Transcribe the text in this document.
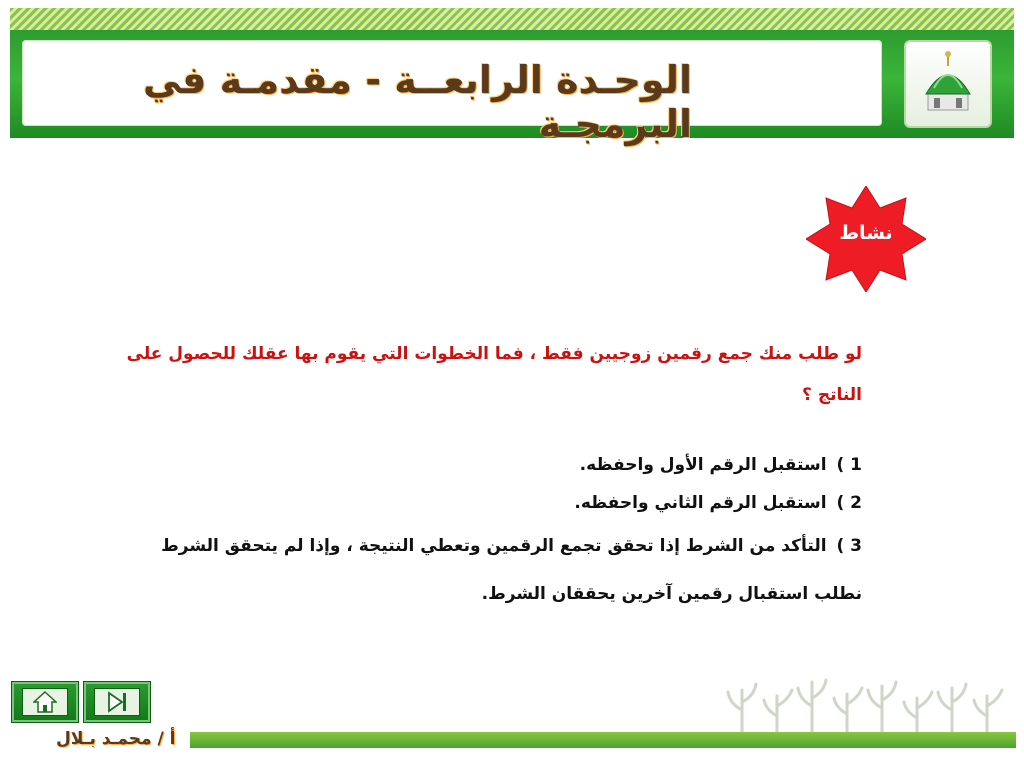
الوحـدة الرابعــة - مقدمـة في البرمجـة
نشاط
لو طلب منك جمع رقمين زوجيين فقط ، فما الخطوات التي يقوم بها عقلك للحصول على الناتج ؟
1 ) استقبل الرقم الأول واحفظه.
2 ) استقبل الرقم الثاني واحفظه.
3 ) التأكد من الشرط إذا تحقق تجمع الرقمين وتعطي النتيجة ، وإذا لم يتحقق الشرط نطلب استقبال رقمين آخرين يحققان الشرط.
أ / محمـد بـلال
